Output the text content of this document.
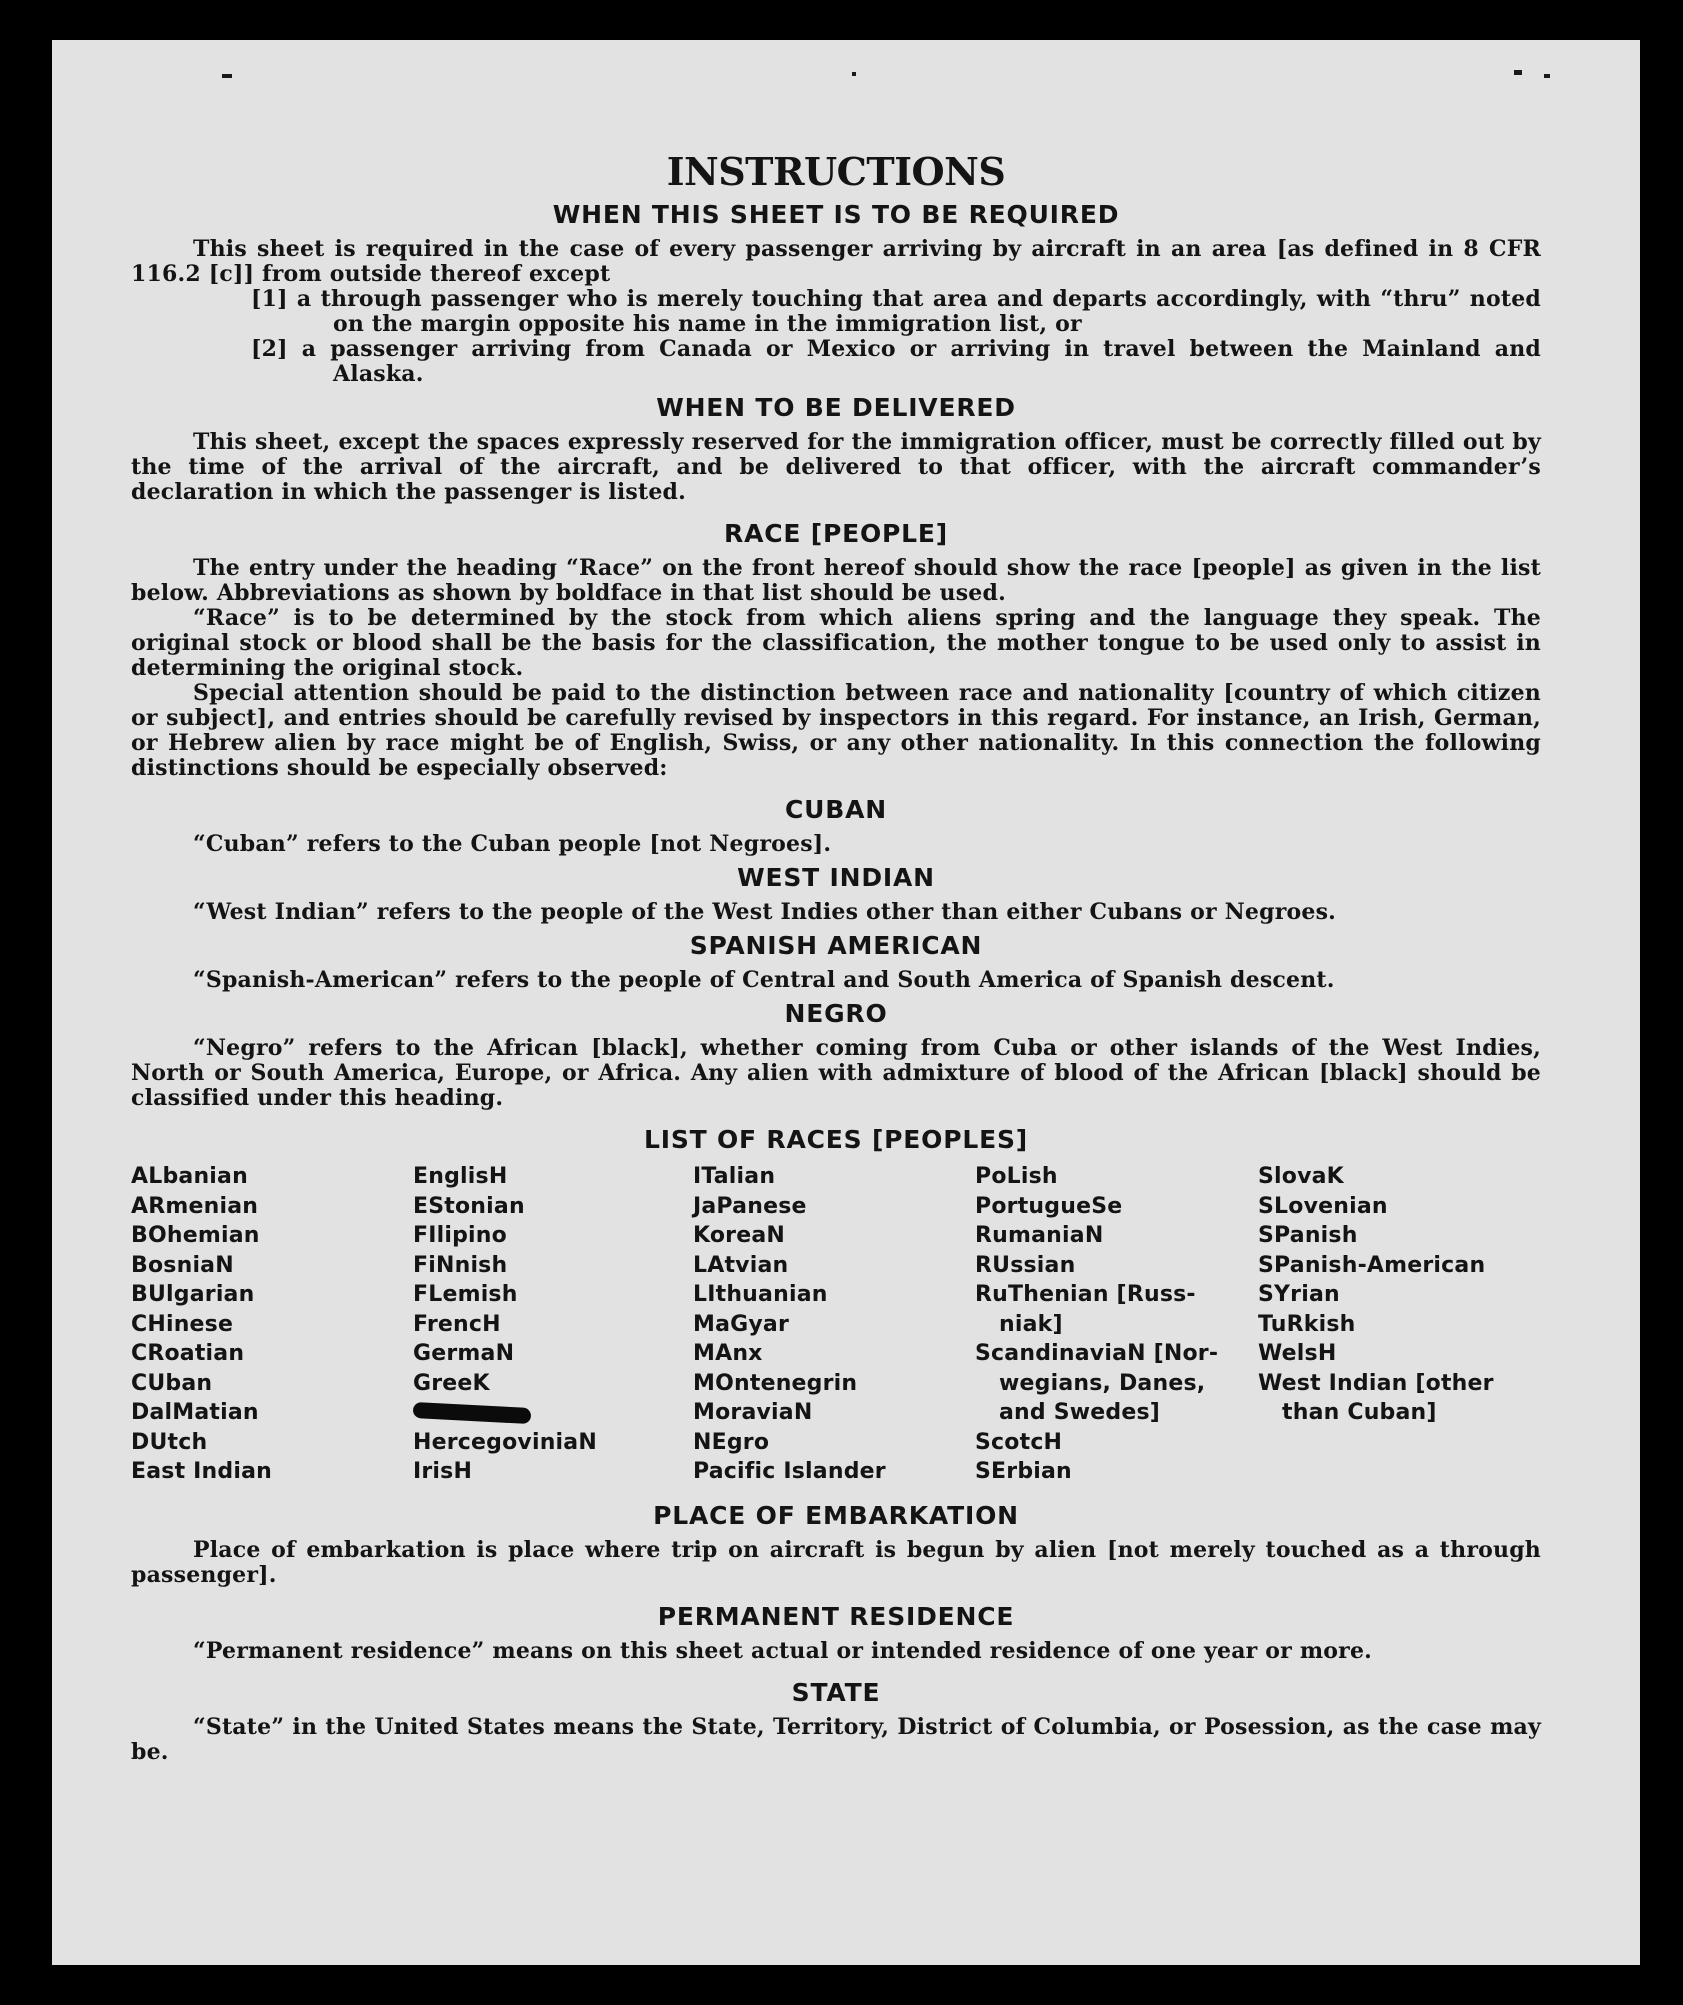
INSTRUCTIONS
WHEN THIS SHEET IS TO BE REQUIRED

This sheet is required in the case of every passenger arriving by aircraft in an area [as defined in 8 CFR 116.2 [c]] from outside thereof except

[1] a through passenger who is merely touching that area and departs accordingly, with “thru” noted on the margin opposite his name in the immigration list, or

[2] a passenger arriving from Canada or Mexico or arriving in travel between the Mainland and Alaska.

WHEN TO BE DELIVERED

This sheet, except the spaces expressly reserved for the immigration officer, must be correctly filled out by the time of the arrival of the aircraft, and be delivered to that officer, with the aircraft commander’s declaration in which the passenger is listed.

RACE [PEOPLE]

The entry under the heading “Race” on the front hereof should show the race [people] as given in the list below. Abbreviations as shown by boldface in that list should be used.

“Race” is to be determined by the stock from which aliens spring and the language they speak. The original stock or blood shall be the basis for the classification, the mother tongue to be used only to assist in determining the original stock.

Special attention should be paid to the distinction between race and nationality [country of which citizen or subject], and entries should be carefully revised by inspectors in this regard. For instance, an Irish, German, or Hebrew alien by race might be of English, Swiss, or any other nationality. In this connection the following distinctions should be especially observed:

CUBAN

“Cuban” refers to the Cuban people [not Negroes].

WEST INDIAN

“West Indian” refers to the people of the West Indies other than either Cubans or Negroes.

SPANISH AMERICAN

“Spanish-American” refers to the people of Central and South America of Spanish descent.

NEGRO

“Negro” refers to the African [black], whether coming from Cuba or other islands of the West Indies, North or South America, Europe, or Africa. Any alien with admixture of blood of the African [black] should be classified under this heading.

LIST OF RACES [PEOPLES]
ALbanian
ARmenian
BOhemian
BosniaN
BUlgarian
CHinese
CRoatian
CUban
DalMatian
DUtch
East Indian
EnglisH
EStonian
FIlipino
FiNnish
FLemish
FrencH
GermaN
GreeK
HercegoviniaN
IrisH
ITalian
JaPanese
KoreaN
LAtvian
LIthuanian
MaGyar
MAnx
MOntenegrin
MoraviaN
NEgro
Pacific Islander
PoLish
PortugueSe
RumaniaN
RUssian
RuThenian [Russ-
niak]
ScandinaviaN [Nor-
wegians, Danes,
and Swedes]
ScotcH
SErbian
SlovaK
SLovenian
SPanish
SPanish-American
SYrian
TuRkish
WelsH
West Indian [other
than Cuban]
PLACE OF EMBARKATION

Place of embarkation is place where trip on aircraft is begun by alien [not merely touched as a through passenger].

PERMANENT RESIDENCE

“Permanent residence” means on this sheet actual or intended residence of one year or more.

STATE

“State” in the United States means the State, Territory, District of Columbia, or Posession, as the case may be.
